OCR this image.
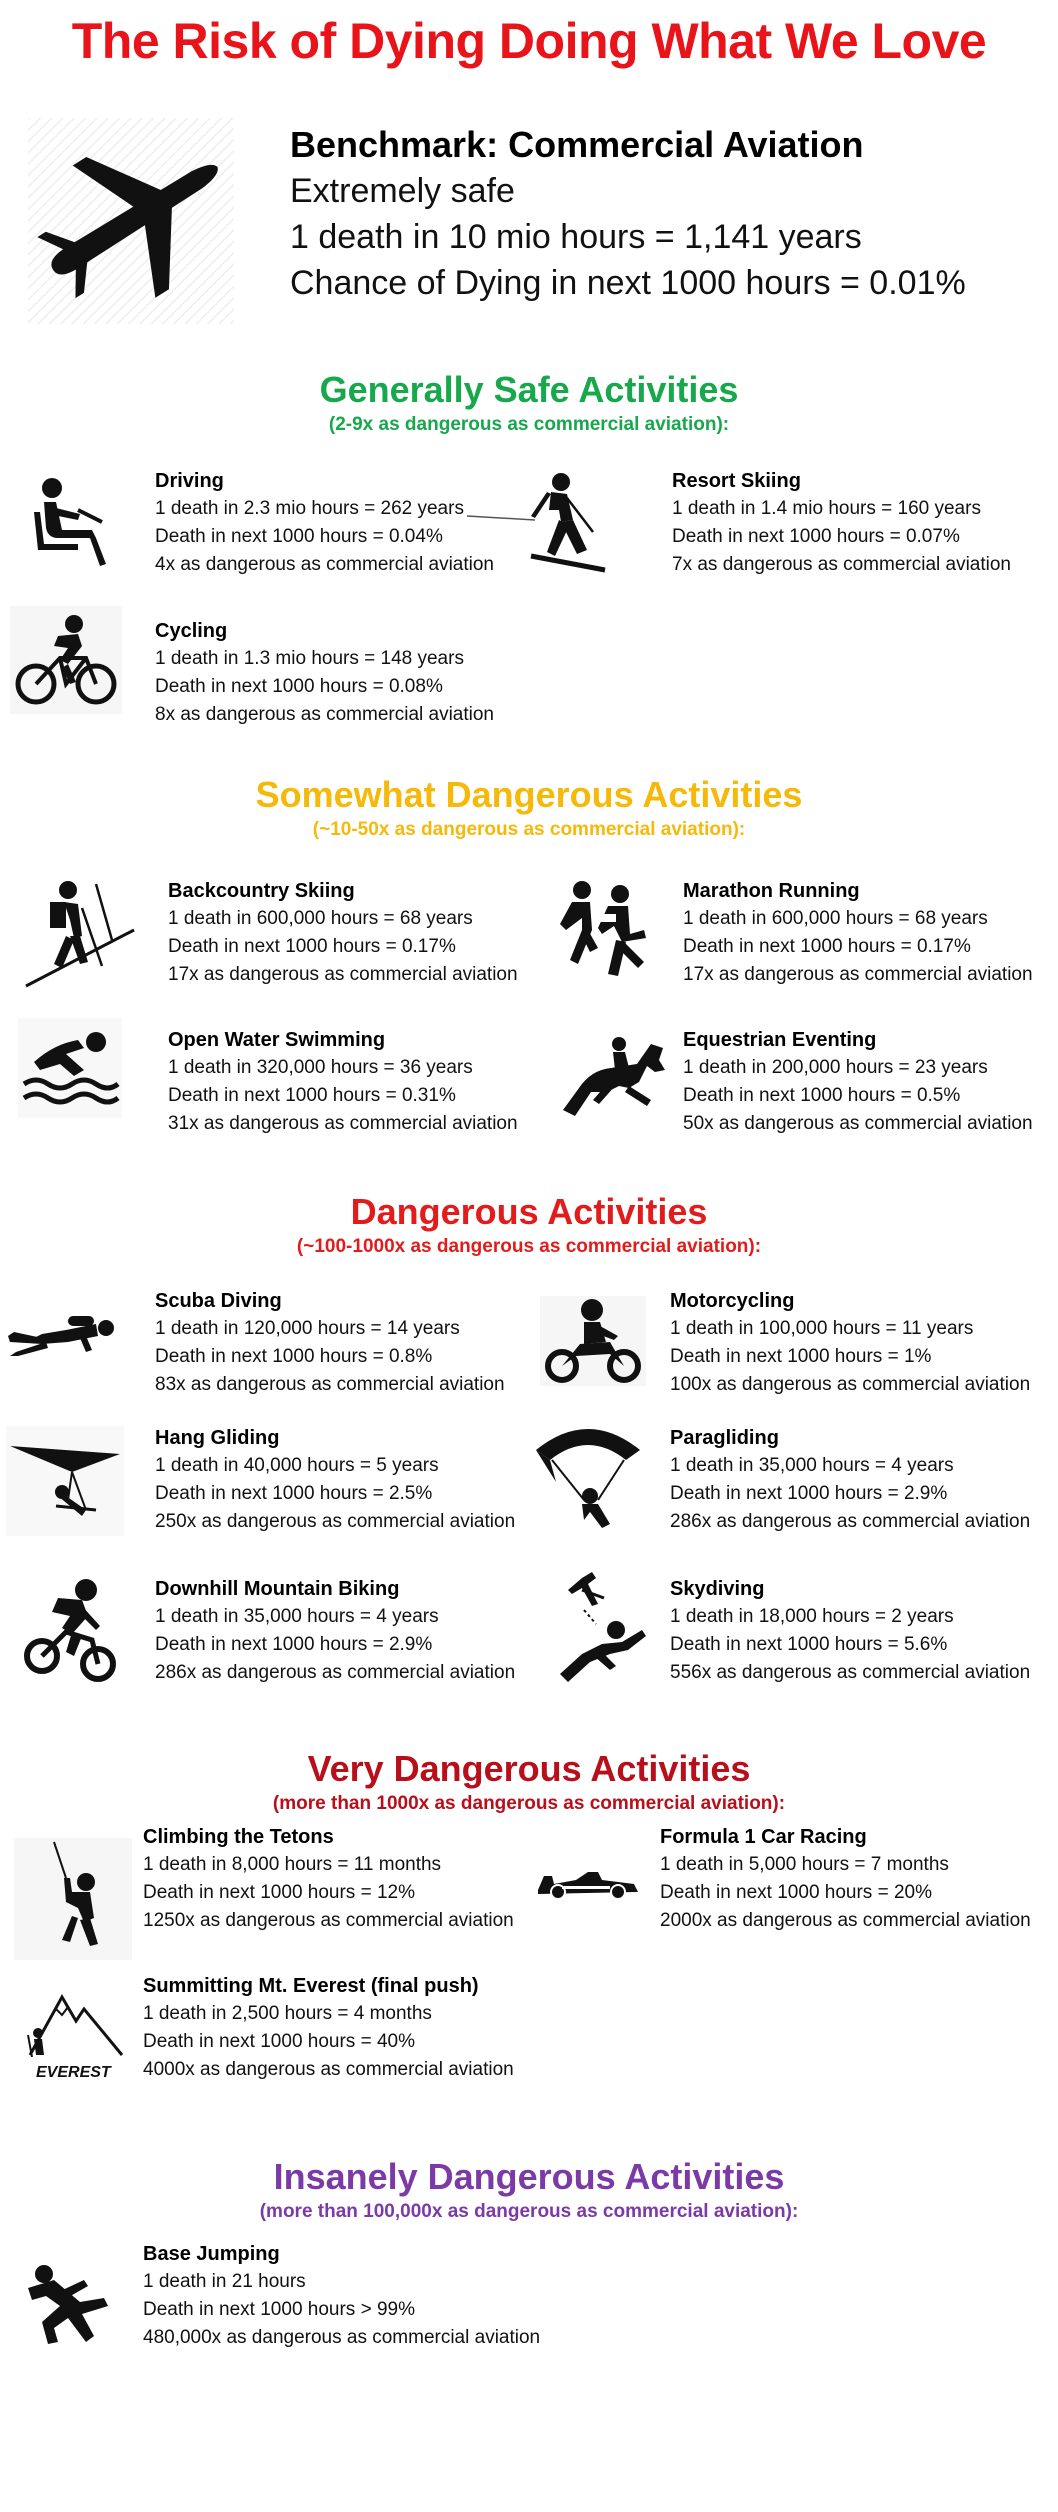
The Risk of Dying Doing What We Love
Benchmark: Commercial Aviation
Extremely safe
1 death in 10 mio hours = 1,141 years
Chance of Dying in next 1000 hours = 0.01%
Generally Safe Activities
(2-9x as dangerous as commercial aviation):
Driving
1 death in 2.3 mio hours = 262 years
Death in next 1000 hours = 0.04%
4x as dangerous as commercial aviation
Resort Skiing
1 death in 1.4 mio hours = 160 years
Death in next 1000 hours = 0.07%
7x as dangerous as commercial aviation
Cycling
1 death in 1.3 mio hours = 148 years
Death in next 1000 hours = 0.08%
8x as dangerous as commercial aviation
Somewhat Dangerous Activities
(~10-50x as dangerous as commercial aviation):
Backcountry Skiing
1 death in 600,000 hours = 68 years
Death in next 1000 hours = 0.17%
17x as dangerous as commercial aviation
Marathon Running
1 death in 600,000 hours = 68 years
Death in next 1000 hours = 0.17%
17x as dangerous as commercial aviation
Open Water Swimming
1 death in 320,000 hours = 36 years
Death in next 1000 hours = 0.31%
31x as dangerous as commercial aviation
Equestrian Eventing
1 death in 200,000 hours = 23 years
Death in next 1000 hours = 0.5%
50x as dangerous as commercial aviation
Dangerous Activities
(~100-1000x as dangerous as commercial aviation):
Scuba Diving
1 death in 120,000 hours = 14 years
Death in next 1000 hours = 0.8%
83x as dangerous as commercial aviation
Motorcycling
1 death in 100,000 hours = 11 years
Death in next 1000 hours = 1%
100x as dangerous as commercial aviation
Hang Gliding
1 death in 40,000 hours = 5 years
Death in next 1000 hours = 2.5%
250x as dangerous as commercial aviation
Paragliding
1 death in 35,000 hours = 4 years
Death in next 1000 hours = 2.9%
286x as dangerous as commercial aviation
Downhill Mountain Biking
1 death in 35,000 hours = 4 years
Death in next 1000 hours = 2.9%
286x as dangerous as commercial aviation
Skydiving
1 death in 18,000 hours = 2 years
Death in next 1000 hours = 5.6%
556x as dangerous as commercial aviation
Very Dangerous Activities
(more than 1000x as dangerous as commercial aviation):
Climbing the Tetons
1 death in 8,000 hours = 11 months
Death in next 1000 hours = 12%
1250x as dangerous as commercial aviation
Formula 1 Car Racing
1 death in 5,000 hours = 7 months
Death in next 1000 hours = 20%
2000x as dangerous as commercial aviation
EVEREST
Summitting Mt. Everest (final push)
1 death in 2,500 hours = 4 months
Death in next 1000 hours = 40%
4000x as dangerous as commercial aviation
Insanely Dangerous Activities
(more than 100,000x as dangerous as commercial aviation):
Base Jumping
1 death in 21 hours
Death in next 1000 hours > 99%
480,000x as dangerous as commercial aviation
